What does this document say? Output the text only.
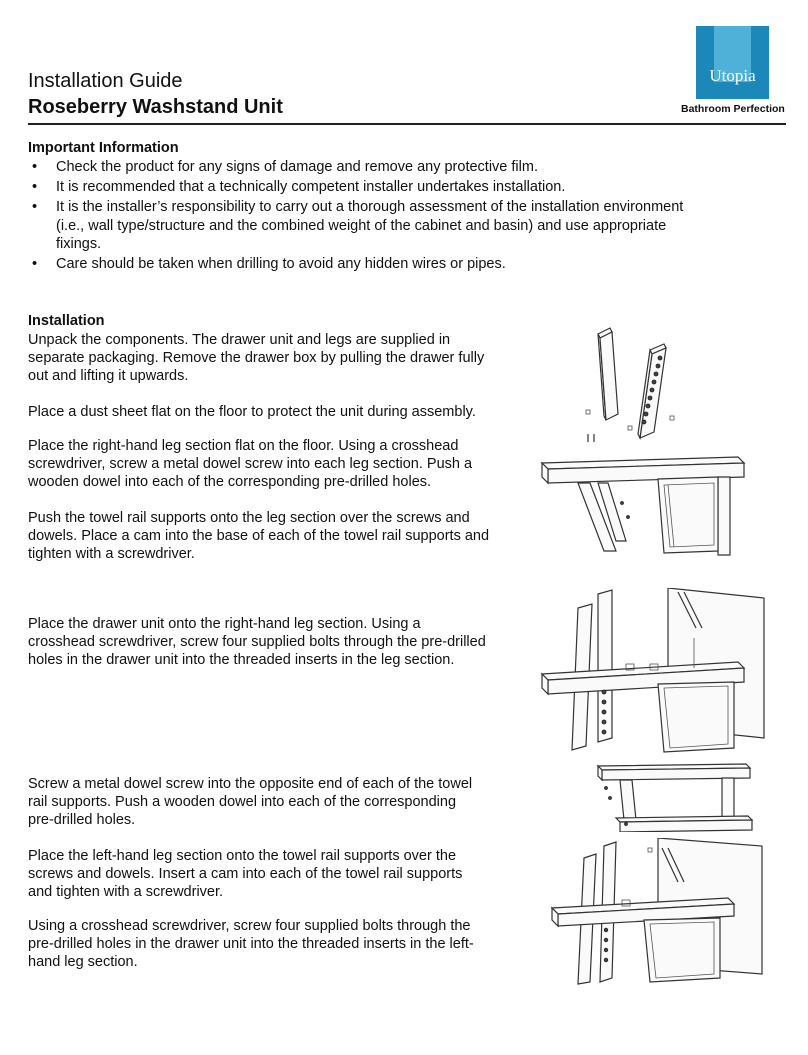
Installation Guide
Roseberry Washstand Unit
Utopia
Bathroom Perfection
Important Information
• Check the product for any signs of damage and remove any protective film.
• It is recommended that a technically competent installer undertakes installation.
• It is the installer’s responsibility to carry out a thorough assessment of the installation environment (i.e., wall type/structure and the combined weight of the cabinet and basin) and use appropriate fixings.
• Care should be taken when drilling to avoid any hidden wires or pipes.
Installation
Unpack the components. The drawer unit and legs are supplied in separate packaging. Remove the drawer box by pulling the drawer fully out and lifting it upwards.
Place a dust sheet flat on the floor to protect the unit during assembly.
Place the right-hand leg section flat on the floor. Using a crosshead screwdriver, screw a metal dowel screw into each leg section. Push a wooden dowel into each of the corresponding pre-drilled holes.
Push the towel rail supports onto the leg section over the screws and dowels. Place a cam into the base of each of the towel rail supports and tighten with a screwdriver.
Place the drawer unit onto the right-hand leg section. Using a crosshead screwdriver, screw four supplied bolts through the pre-drilled holes in the drawer unit into the threaded inserts in the leg section.
Screw a metal dowel screw into the opposite end of each of the towel rail supports. Push a wooden dowel into each of the corresponding pre-drilled holes.
Place the left-hand leg section onto the towel rail supports over the screws and dowels. Insert a cam into each of the towel rail supports and tighten with a screwdriver.
Using a crosshead screwdriver, screw four supplied bolts through the pre-drilled holes in the drawer unit into the threaded inserts in the left-hand leg section.
